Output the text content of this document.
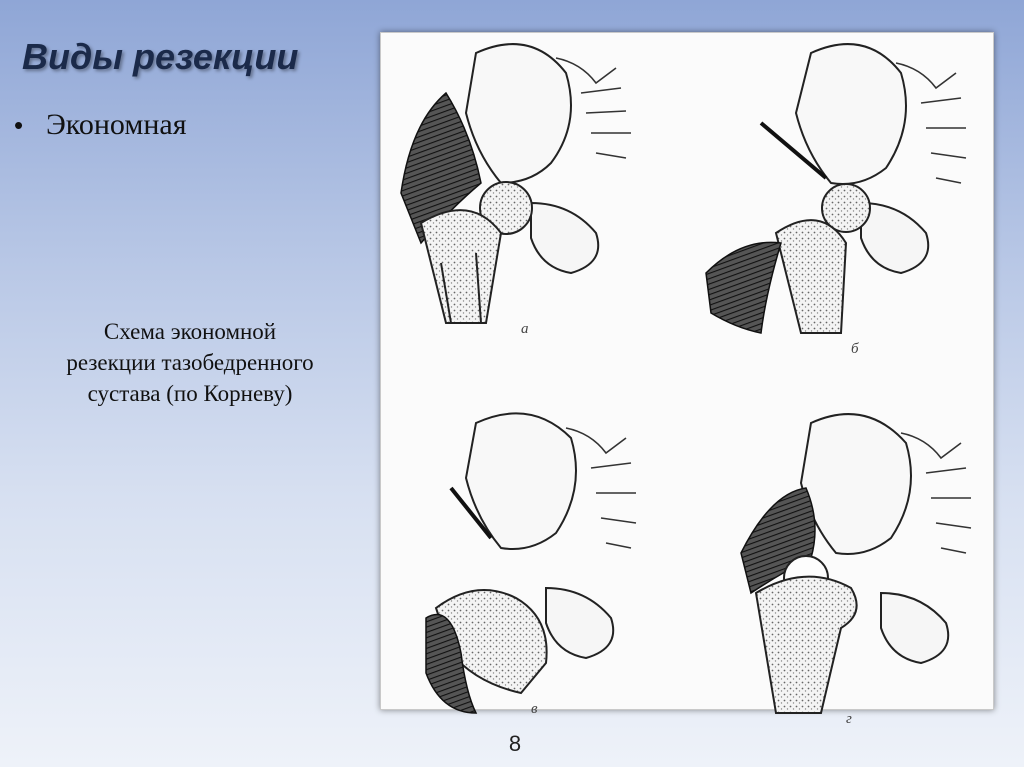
Виды резекции
• Экономная
Схема экономной
резекции тазобедренного
сустава (по Корневу)
а
б
в
г
8
